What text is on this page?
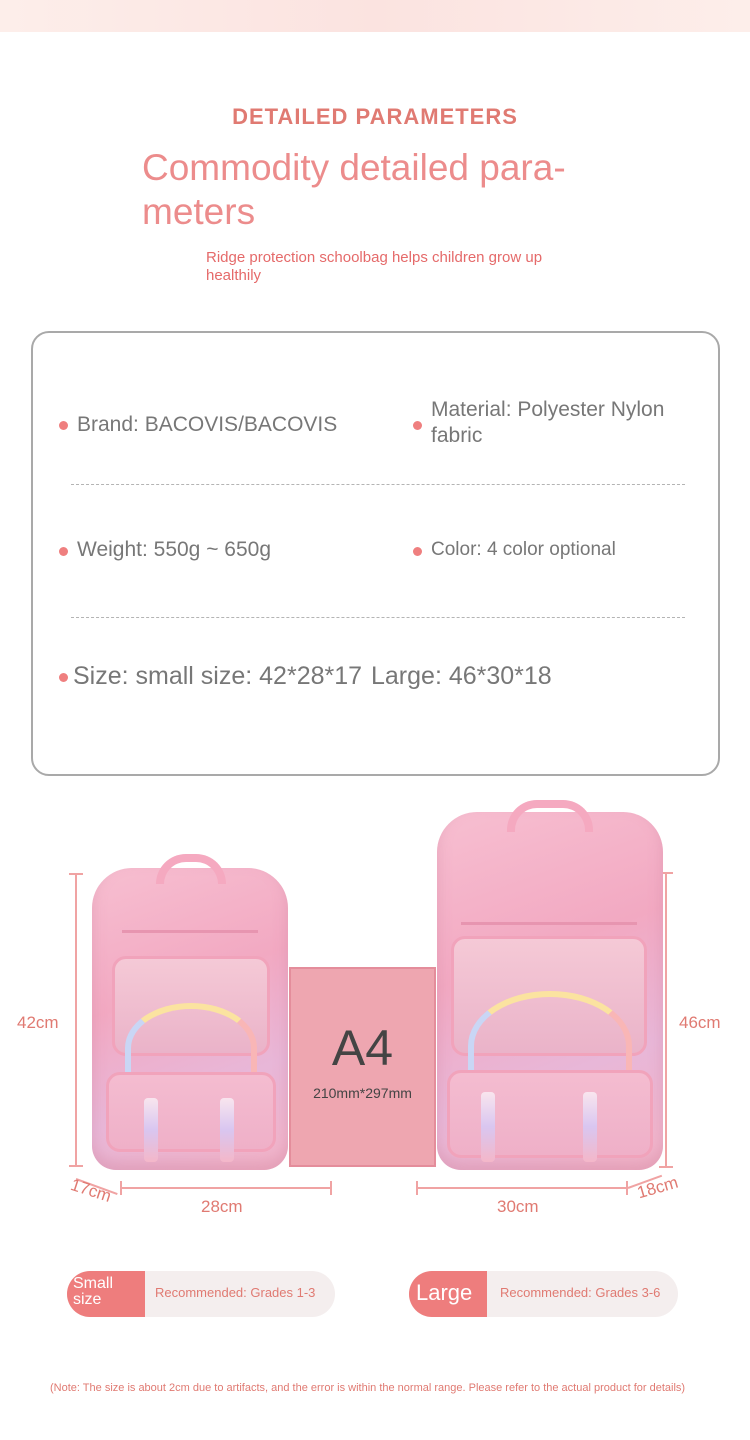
DETAILED PARAMETERS
Commodity detailed para-meters
Ridge protection schoolbag helps children grow up healthily
Brand: BACOVIS/BACOVIS
Material: Polyester Nylon fabric
Weight: 550g ~ 650g	Color: 4 color optional
Size: small size: 42*28*17 Large: 46*30*18
42cm
28cm
17cm
46cm
30cm
18cm
A4
210mm*297mm
Small size	Recommended: Grades 1-3	Large	Recommended: Grades 3-6
(Note: The size is about 2cm due to artifacts, and the error is within the normal range. Please refer to the actual product for details)
